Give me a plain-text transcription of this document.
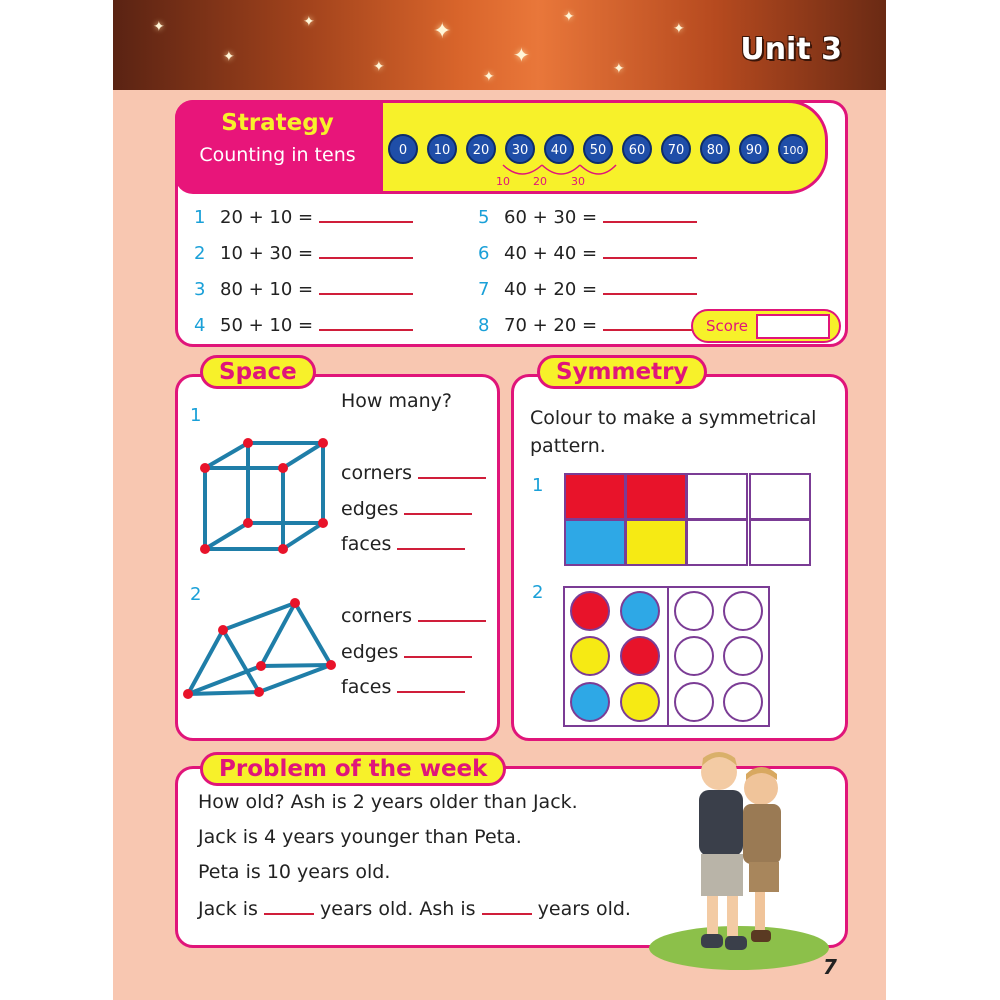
✦
✦
✦
✦
✦
✦
✦
✦
✦
✦
Unit 3
Strategy
Counting in tens	0	10	20	30	40	50	60	70	80	90	100
10 20 30
1 20 + 10 =
2 10 + 30 =
3 80 + 10 =
4 50 + 10 =
5 60 + 30 =
6 40 + 40 =
7 40 + 20 =
8 70 + 20 =	Score
How many?
1
corners
edges
faces
2
corners
edges
faces
Space
Colour to make a symmetrical
pattern.
1
2
Symmetry
How old? Ash is 2 years older than Jack.
Jack is 4 years younger than Peta.
Peta is 10 years old.
Jack is	years old. Ash is	years old.
Problem of the week
7
